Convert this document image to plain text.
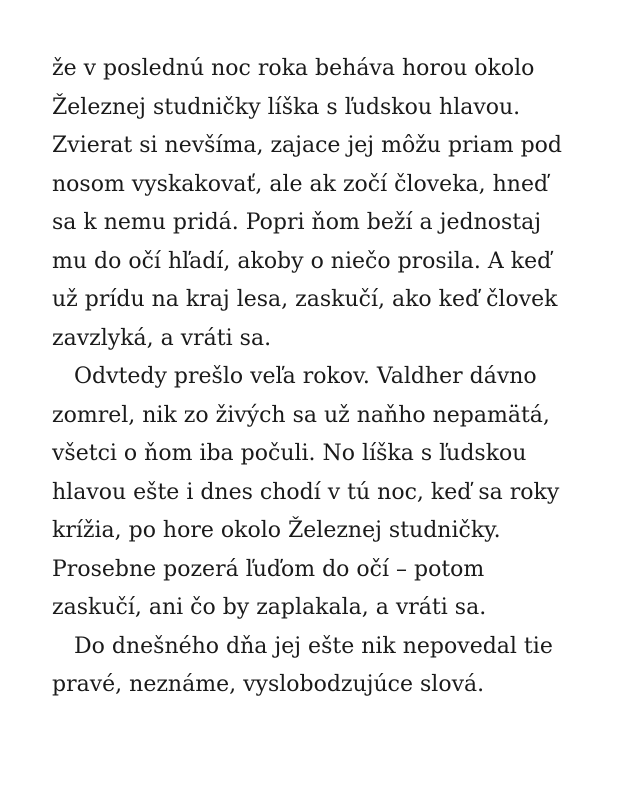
že v poslednú noc roka beháva horou okolo
Železnej studničky líška s ľudskou hlavou.
Zvierat si nevšíma, zajace jej môžu priam pod
nosom vyskakovať, ale ak zočí človeka, hneď
sa k nemu pridá. Popri ňom beží a jednostaj
mu do očí hľadí, akoby o niečo prosila. A keď
už prídu na kraj lesa, zaskučí, ako keď človek
zavzlyká, a vráti sa.
Odvtedy prešlo veľa rokov. Valdher dávno
zomrel, nik zo živých sa už naňho nepamätá,
všetci o ňom iba počuli. No líška s ľudskou
hlavou ešte i dnes chodí v tú noc, keď sa roky
krížia, po hore okolo Železnej studničky.
Prosebne pozerá ľuďom do očí – potom
zaskučí, ani čo by zaplakala, a vráti sa.
Do dnešného dňa jej ešte nik nepovedal tie
pravé, neznáme, vyslobodzujúce slová.
